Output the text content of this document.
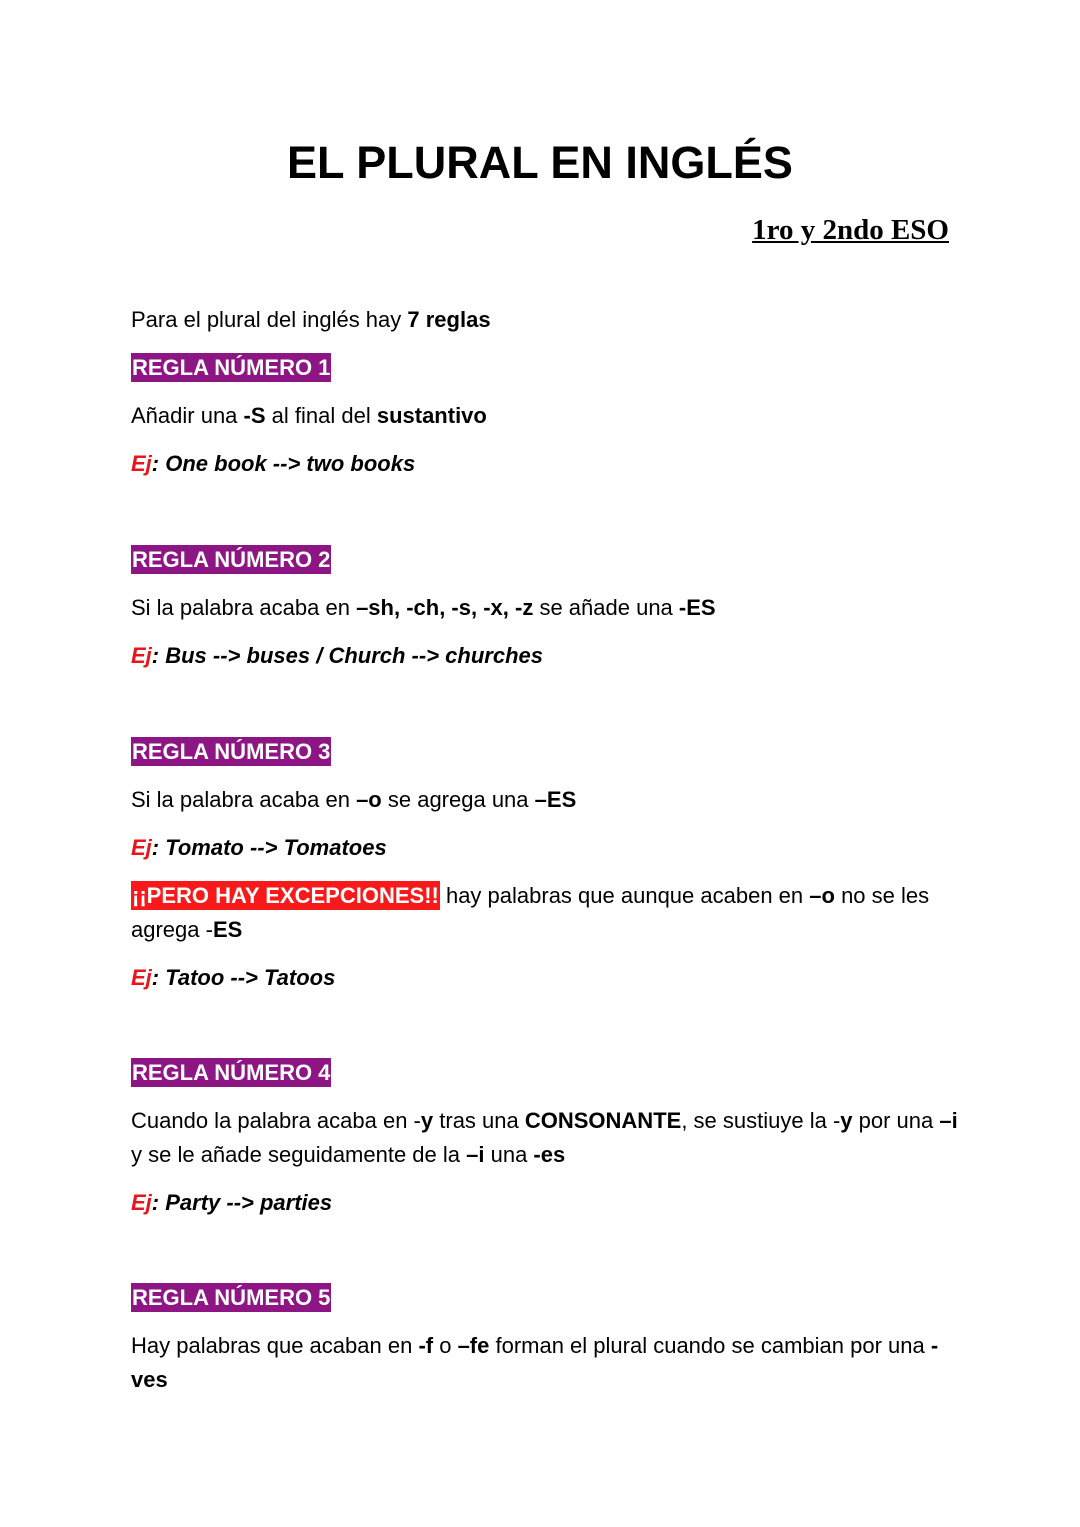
EL PLURAL EN INGLÉS
1ro y 2ndo ESO
Para el plural del inglés hay 7 reglas
REGLA NÚMERO 1
Añadir una -S al final del sustantivo
Ej: One book --> two books
REGLA NÚMERO 2
Si la palabra acaba en –sh, -ch, -s, -x, -z se añade una -ES
Ej: Bus --> buses / Church --> churches
REGLA NÚMERO 3
Si la palabra acaba en –o se agrega una –ES
Ej: Tomato --> Tomatoes
¡¡PERO HAY EXCEPCIONES!! hay palabras que aunque acaben en –o no se les agrega -ES
Ej: Tatoo --> Tatoos
REGLA NÚMERO 4
Cuando la palabra acaba en -y tras una CONSONANTE, se sustiuye la -y por una –i y se le añade seguidamente de la –i una -es
Ej: Party --> parties
REGLA NÚMERO 5
Hay palabras que acaban en -f o –fe forman el plural cuando se cambian por una -ves
